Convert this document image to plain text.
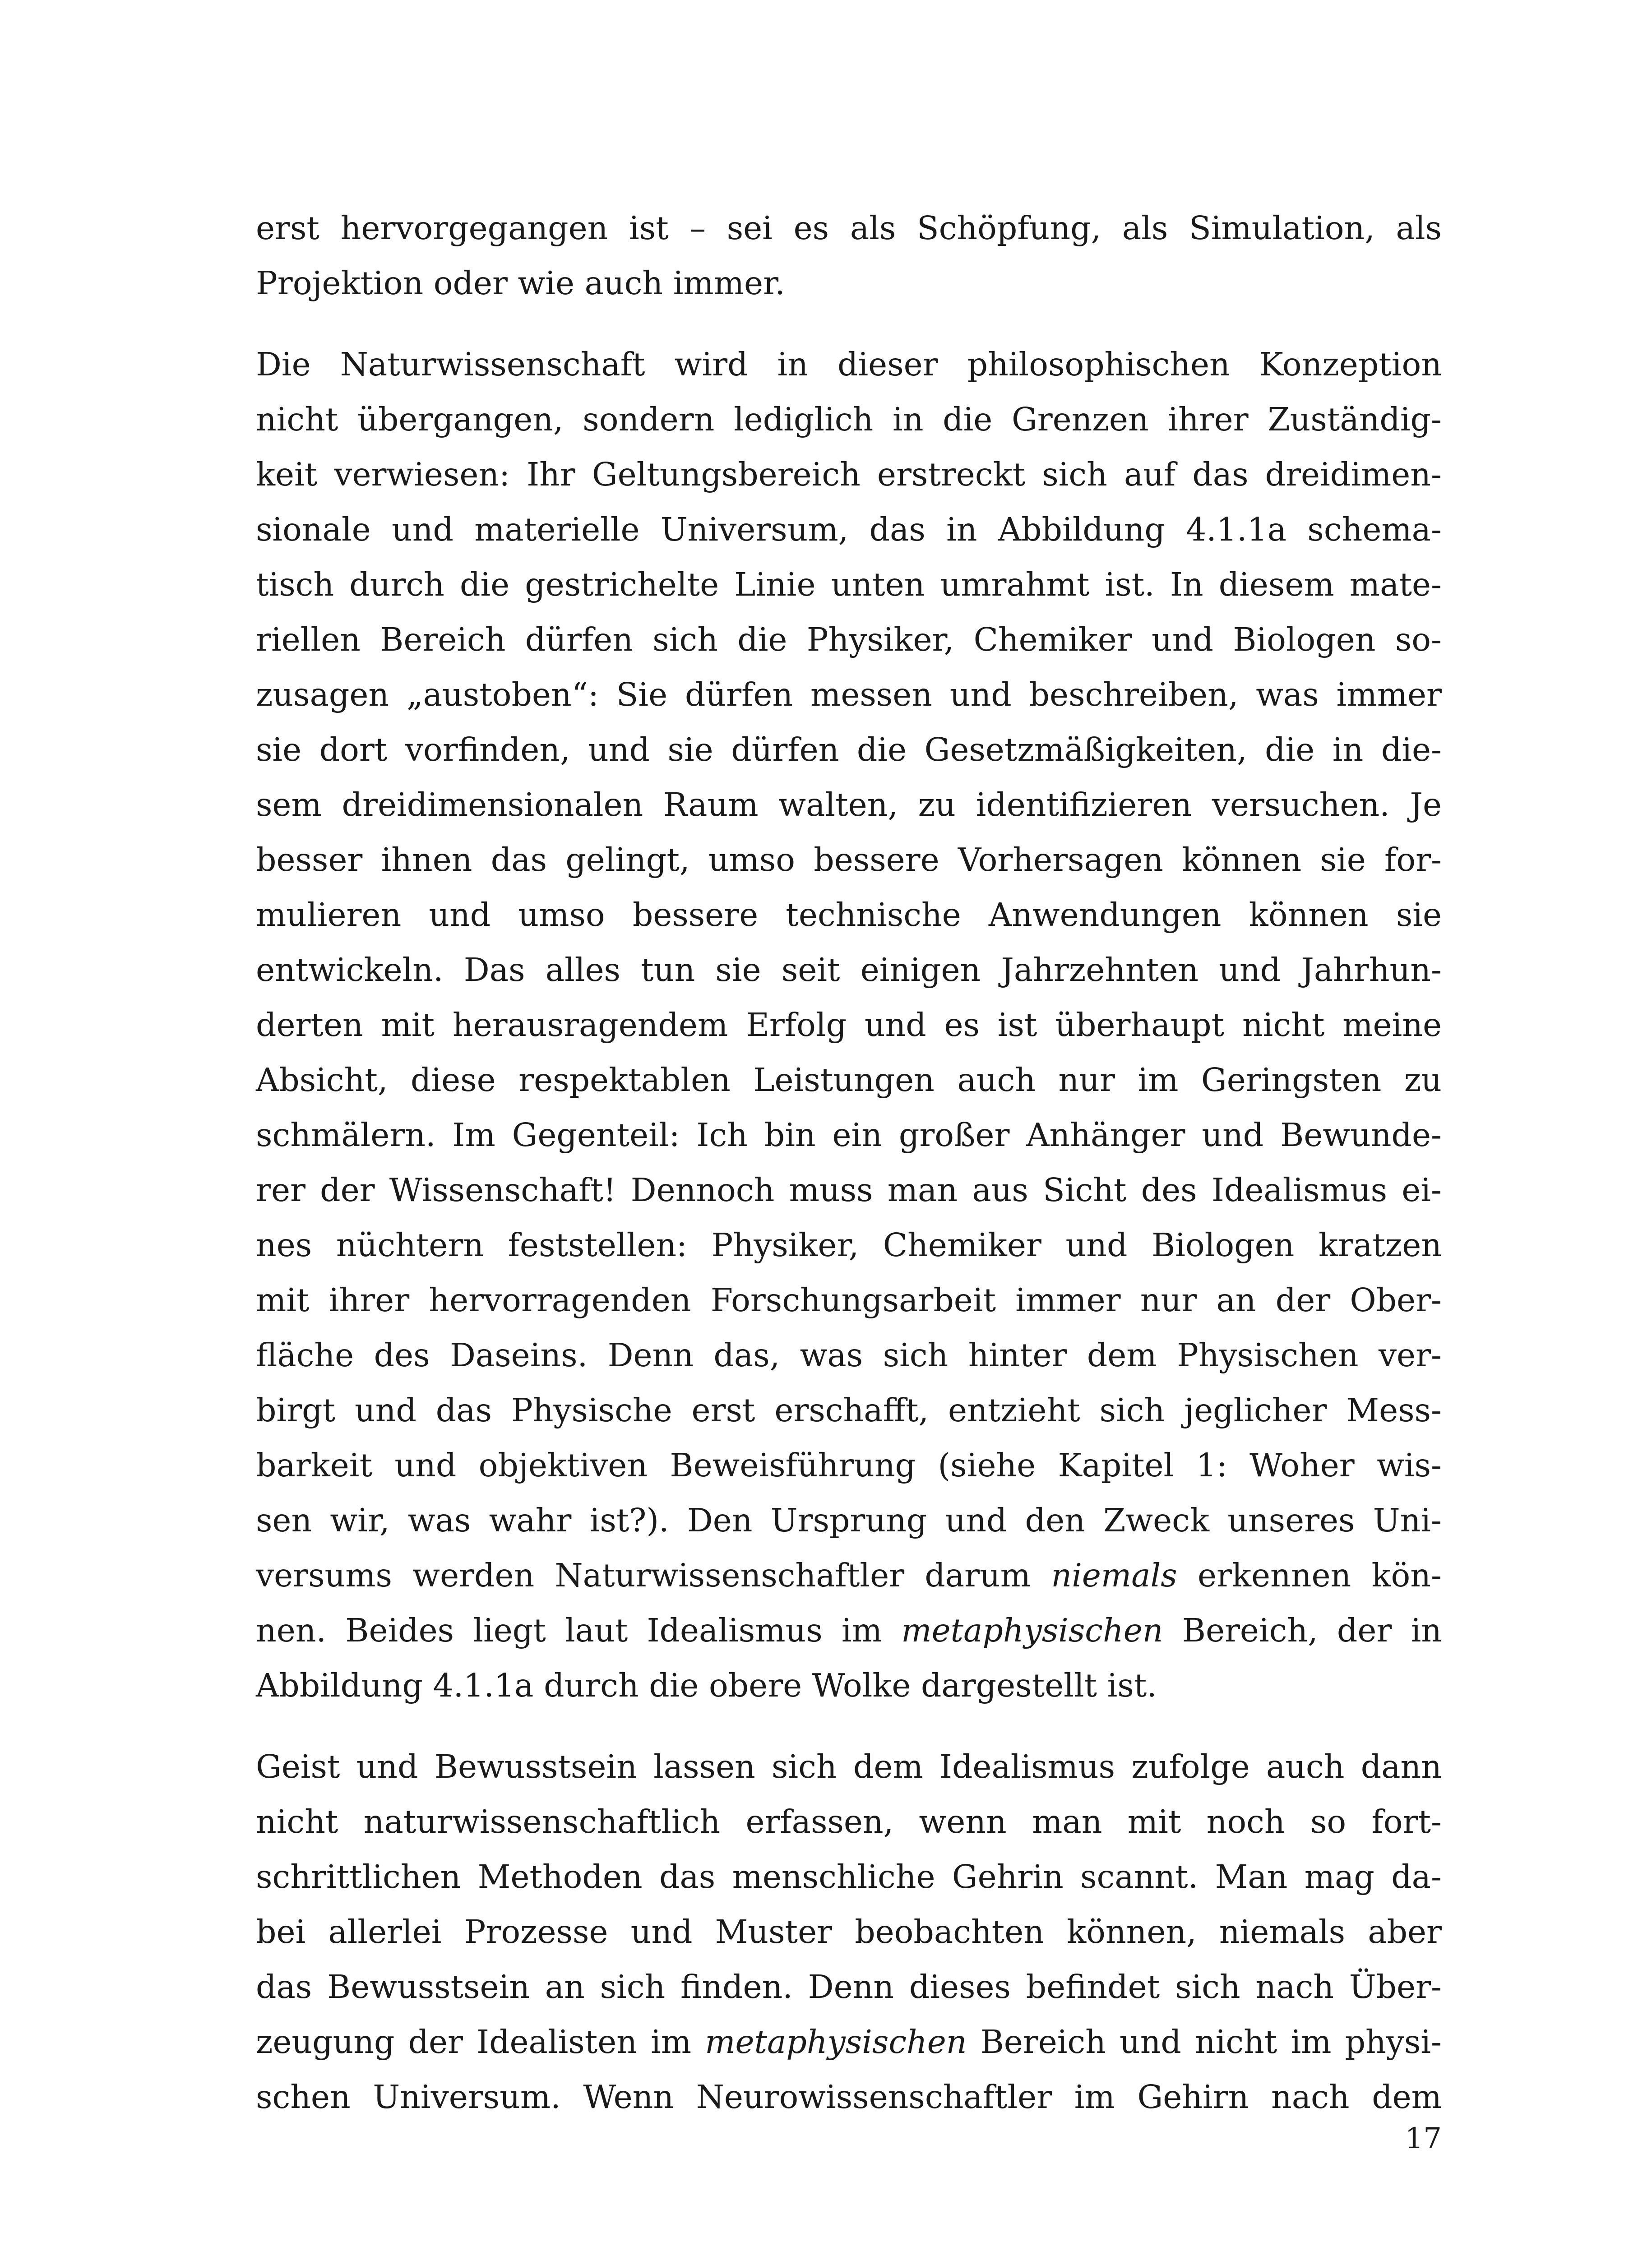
erst hervorgegangen ist – sei es als Schöpfung, als Simulation, als
Projektion oder wie auch immer.
Die Naturwissenschaft wird in dieser philosophischen Konzeption
nicht übergangen, sondern lediglich in die Grenzen ihrer Zuständig-
keit verwiesen: Ihr Geltungsbereich erstreckt sich auf das dreidimen-
sionale und materielle Universum, das in Abbildung 4.1.1a schema-
tisch durch die gestrichelte Linie unten umrahmt ist. In diesem mate-
riellen Bereich dürfen sich die Physiker, Chemiker und Biologen so-
zusagen „austoben“: Sie dürfen messen und beschreiben, was immer
sie dort vorfinden, und sie dürfen die Gesetzmäßigkeiten, die in die-
sem dreidimensionalen Raum walten, zu identifizieren versuchen. Je
besser ihnen das gelingt, umso bessere Vorhersagen können sie for-
mulieren und umso bessere technische Anwendungen können sie
entwickeln. Das alles tun sie seit einigen Jahrzehnten und Jahrhun-
derten mit herausragendem Erfolg und es ist überhaupt nicht meine
Absicht, diese respektablen Leistungen auch nur im Geringsten zu
schmälern. Im Gegenteil: Ich bin ein großer Anhänger und Bewunde-
rer der Wissenschaft! Dennoch muss man aus Sicht des Idealismus ei-
nes nüchtern feststellen: Physiker, Chemiker und Biologen kratzen
mit ihrer hervorragenden Forschungsarbeit immer nur an der Ober-
fläche des Daseins. Denn das, was sich hinter dem Physischen ver-
birgt und das Physische erst erschafft, entzieht sich jeglicher Mess-
barkeit und objektiven Beweisführung (siehe Kapitel 1: Woher wis-
sen wir, was wahr ist?). Den Ursprung und den Zweck unseres Uni-
versums werden Naturwissenschaftler darum niemals erkennen kön-
nen. Beides liegt laut Idealismus im metaphysischen Bereich, der in
Abbildung 4.1.1a durch die obere Wolke dargestellt ist.
Geist und Bewusstsein lassen sich dem Idealismus zufolge auch dann
nicht naturwissenschaftlich erfassen, wenn man mit noch so fort-
schrittlichen Methoden das menschliche Gehrin scannt. Man mag da-
bei allerlei Prozesse und Muster beobachten können, niemals aber
das Bewusstsein an sich finden. Denn dieses befindet sich nach Über-
zeugung der Idealisten im metaphysischen Bereich und nicht im physi-
schen Universum. Wenn Neurowissenschaftler im Gehirn nach dem
17
